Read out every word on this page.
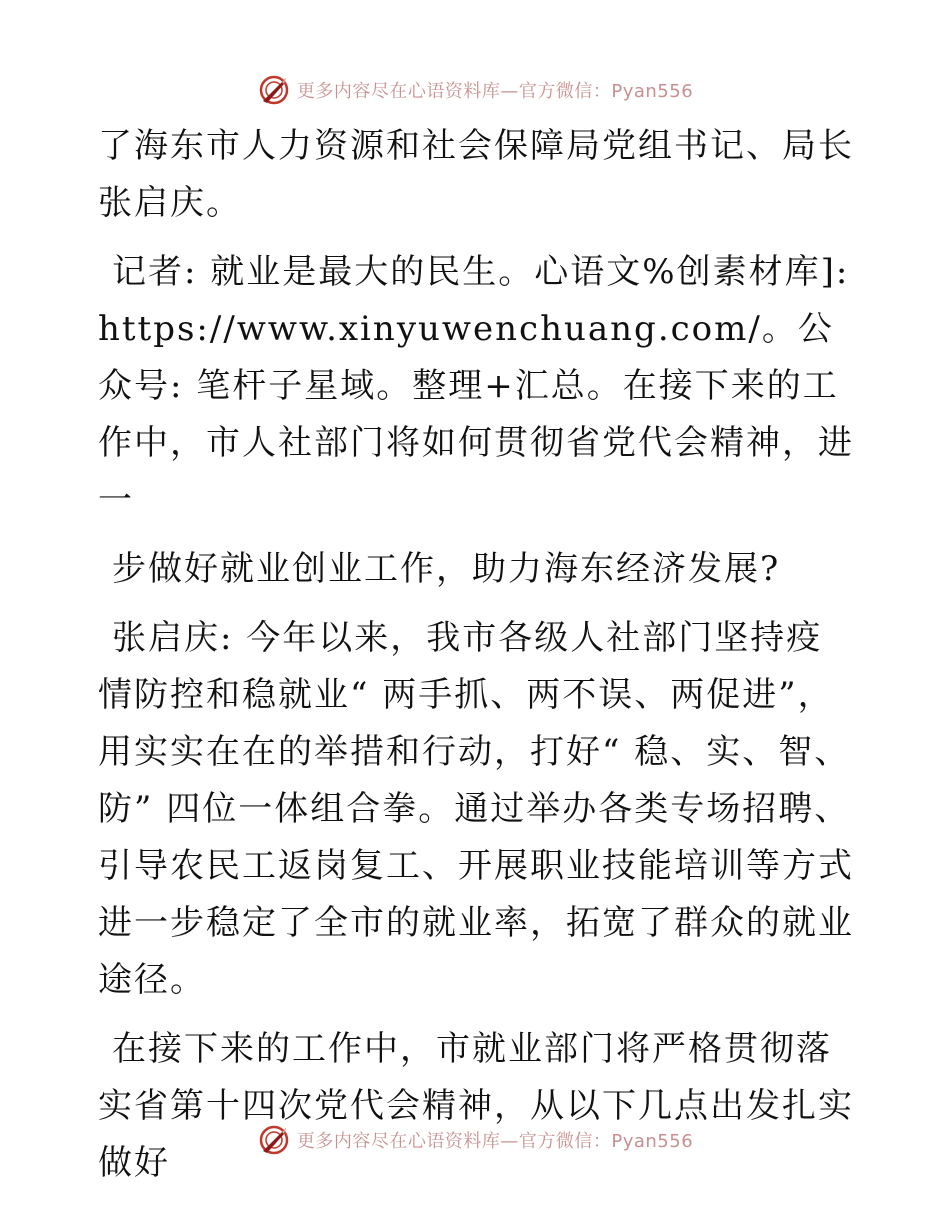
更多内容尽在心语资料库—官方微信：Pyan556

了海东市人力资源和社会保障局党组书记、局长张启庆。

记者: 就业是最大的民生。心语文%创素材库]: https://www.xinyuwenchuang.com/。公众号: 笔杆子星域。整理+汇总。在接下来的工作中，市人社部门将如何贯彻省党代会精神，进一

步做好就业创业工作，助力海东经济发展?

张启庆: 今年以来，我市各级人社部门坚持疫情防控和稳就业“ 两手抓、两不误、两促进”，用实实在在的举措和行动，打好“ 稳、实、智、防” 四位一体组合拳。通过举办各类专场招聘、引导农民工返岗复工、开展职业技能培训等方式进一步稳定了全市的就业率，拓宽了群众的就业途径。

在接下来的工作中，市就业部门将严格贯彻落实省第十四次党代会精神，从以下几点出发扎实做好

更多内容尽在心语资料库—官方微信：Pyan556
